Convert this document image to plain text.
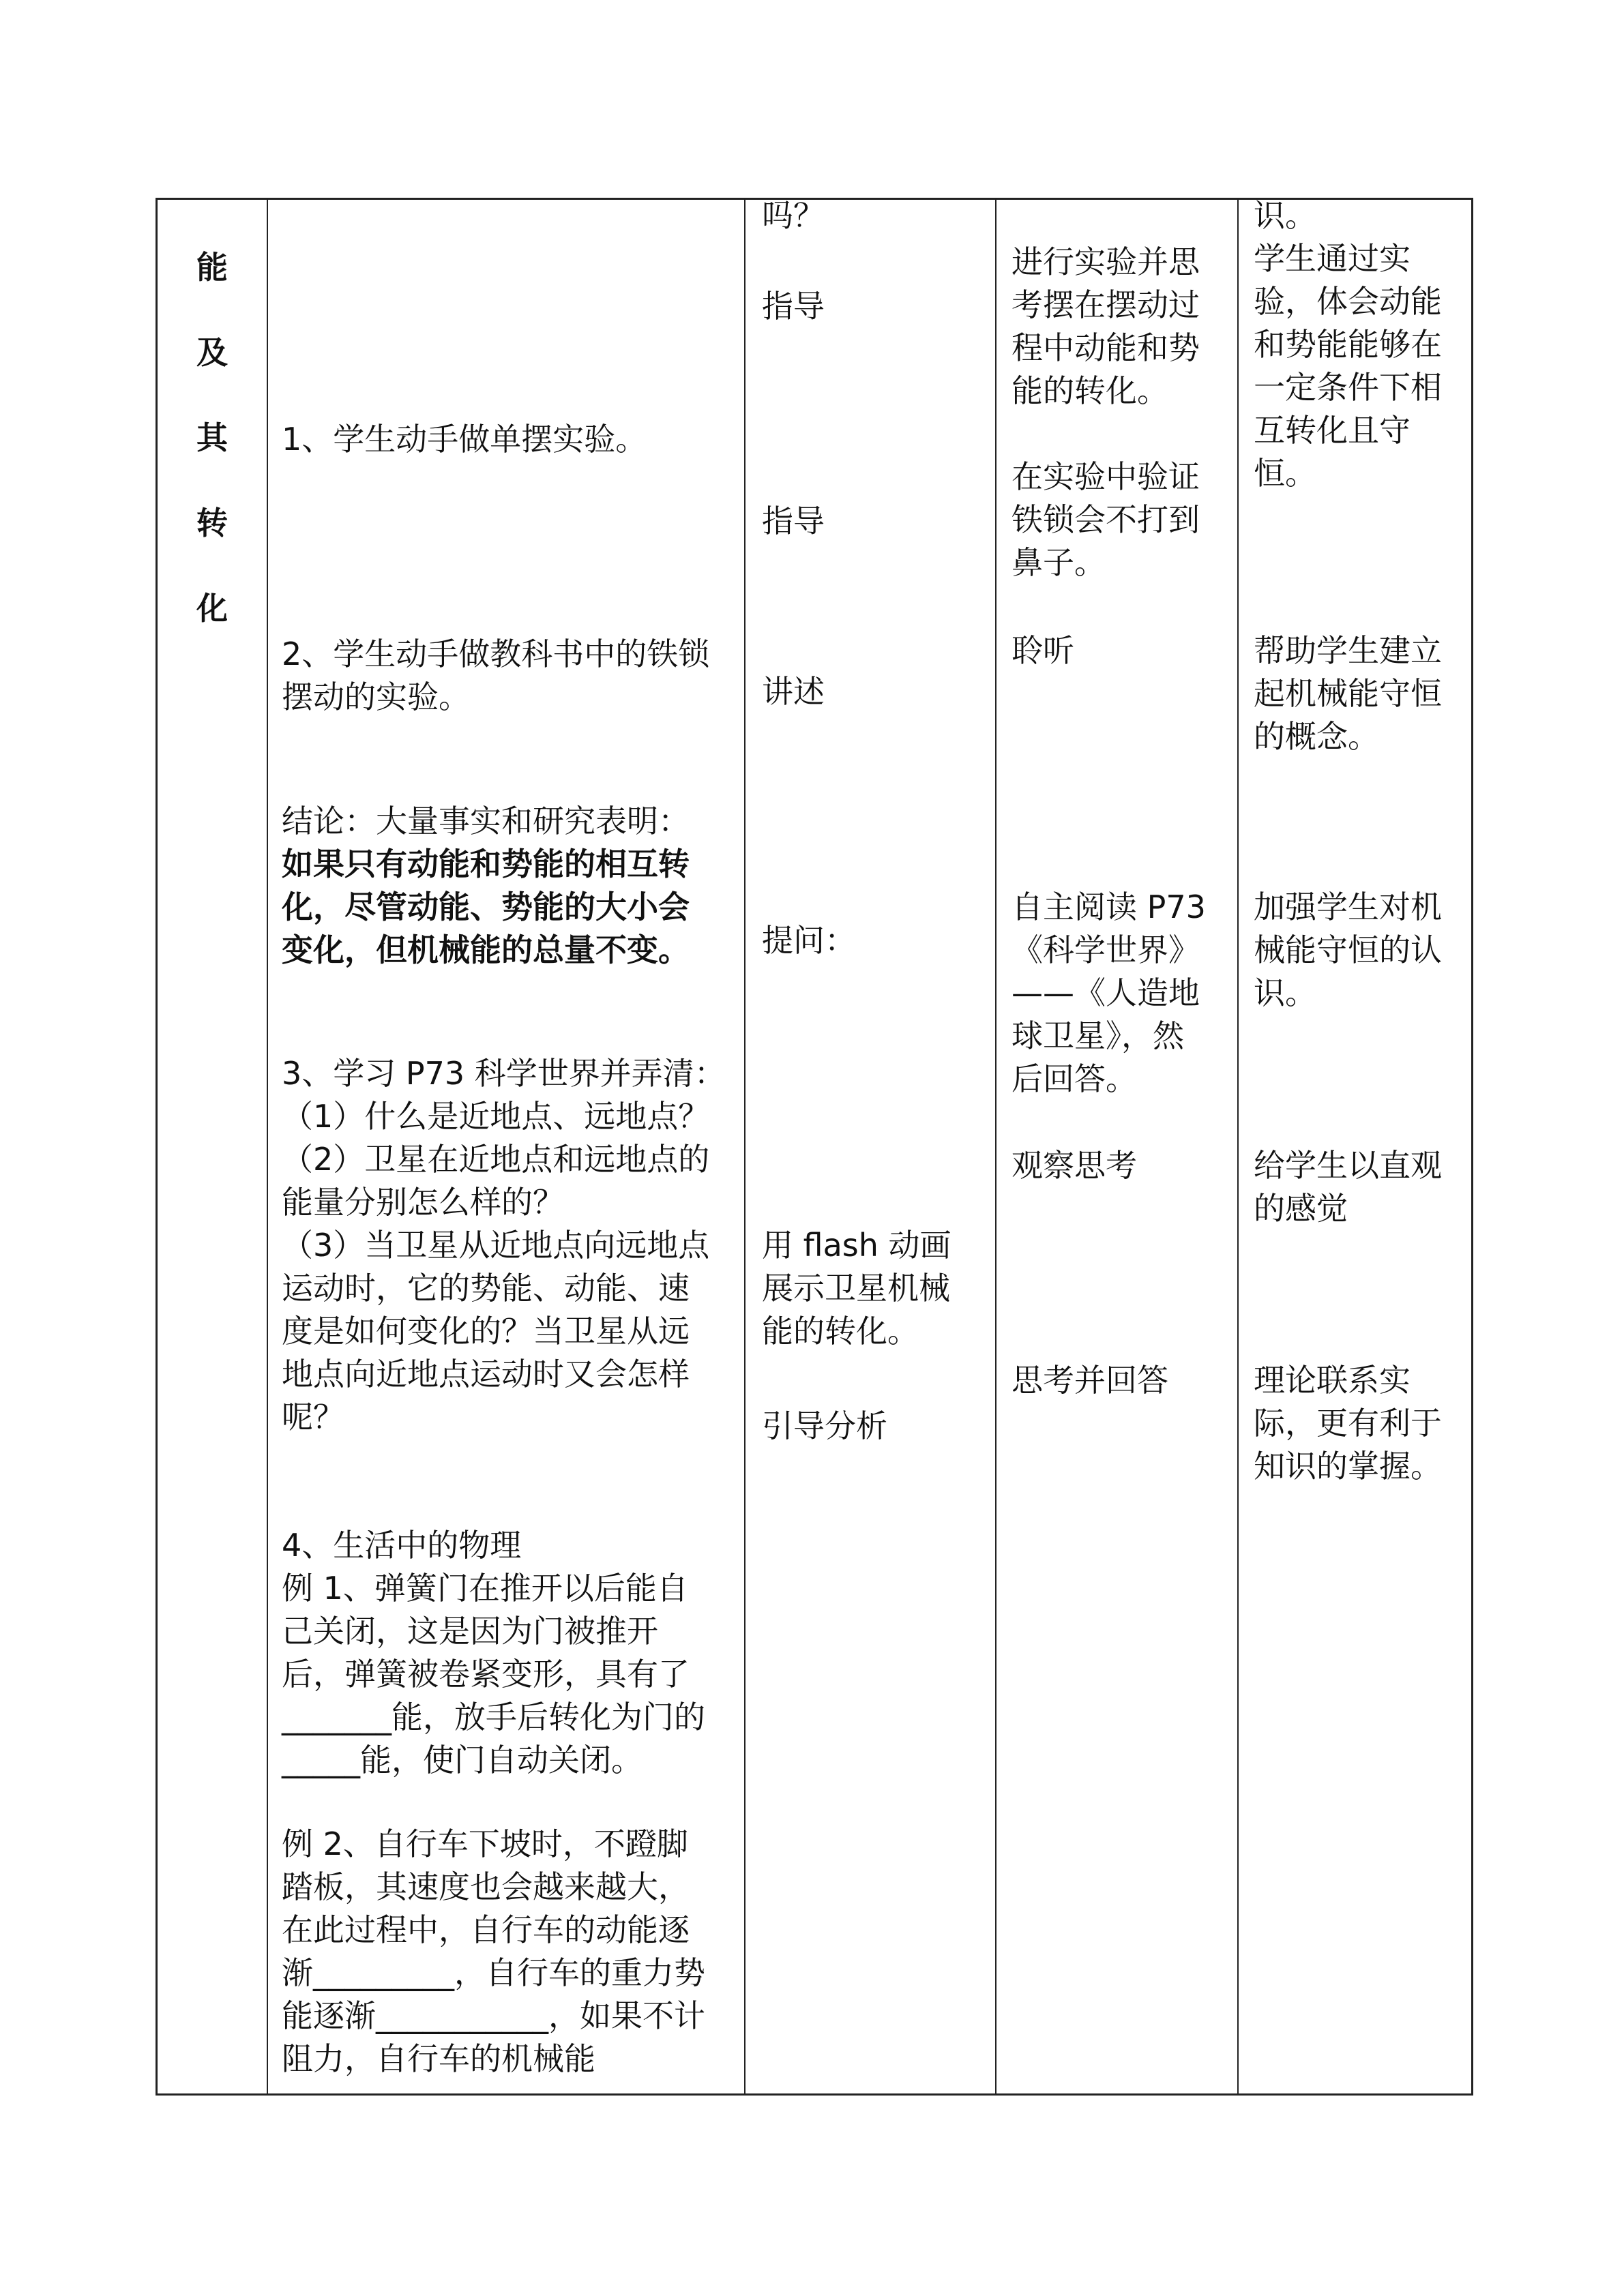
能
及
其
转
化
1、学生动手做单摆实验。
2、学生动手做教科书中的铁锁
摆动的实验。
结论：大量事实和研究表明：
如果只有动能和势能的相互转
化，尽管动能、势能的大小会
变化，但机械能的总量不变。
3、学习 P73 科学世界并弄清：
（1）什么是近地点、远地点？
（2）卫星在近地点和远地点的
能量分别怎么样的？
（3）当卫星从近地点向远地点
运动时，它的势能、动能、速
度是如何变化的？当卫星从远
地点向近地点运动时又会怎样
呢？
4、生活中的物理
例 1、弹簧门在推开以后能自
己关闭，这是因为门被推开
后，弹簧被卷紧变形，具有了
_______能，放手后转化为门的
_____能，使门自动关闭。
例 2、自行车下坡时，不蹬脚
踏板，其速度也会越来越大，
在此过程中，自行车的动能逐
渐_________，自行车的重力势
能逐渐___________，如果不计
阻力，自行车的机械能
吗？
指导
指导
讲述
提问：
用 flash 动画
展示卫星机械
能的转化。
引导分析
进行实验并思
考摆在摆动过
程中动能和势
能的转化。
在实验中验证
铁锁会不打到
鼻子。
聆听
自主阅读 P73
《科学世界》
——《人造地
球卫星》，然
后回答。
观察思考
思考并回答
识。
学生通过实
验，体会动能
和势能能够在
一定条件下相
互转化且守
恒。
帮助学生建立
起机械能守恒
的概念。
加强学生对机
械能守恒的认
识。
给学生以直观
的感觉
理论联系实
际，更有利于
知识的掌握。
